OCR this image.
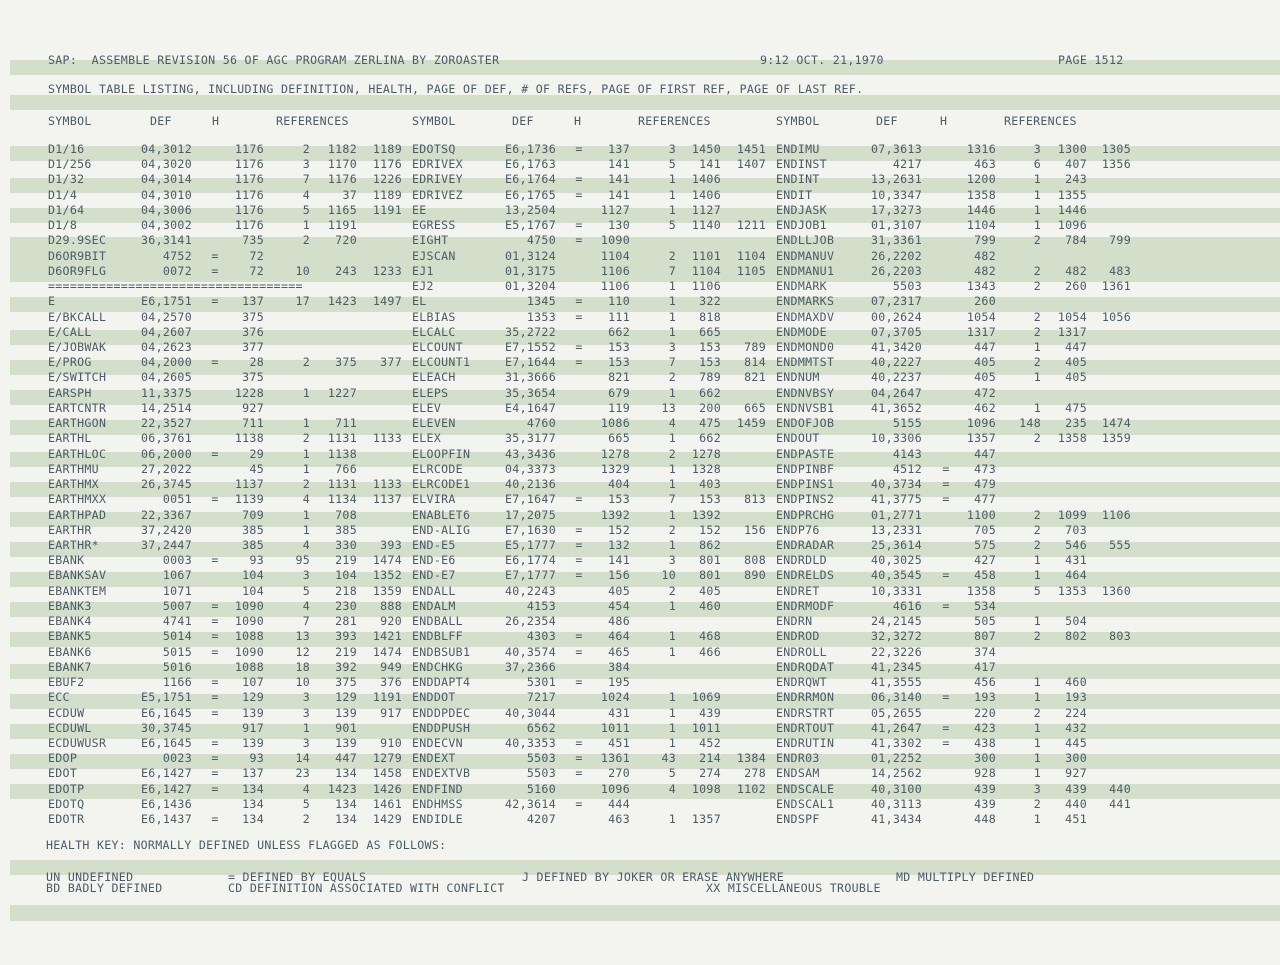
SAP:  ASSEMBLE REVISION 56 OF AGC PROGRAM ZERLINA BY ZOROASTER	9:12 OCT. 21,1970	PAGE 1512
SYMBOL TABLE LISTING, INCLUDING DEFINITION, HEALTH, PAGE OF DEF, # OF REFS, PAGE OF FIRST REF, PAGE OF LAST REF.
SYMBOL	DEF	H	REFERENCES	SYMBOL	DEF	H	REFERENCES	SYMBOL	DEF	H	REFERENCES
D1/16	04,3012	1176	2	1182	1189 EDOTSQ	E6,1736 =	137	3	1450	1451 ENDIMU	07,3613	1316	3	1300	1305
D1/256	04,3020	1176	3	1170	1176 EDRIVEX	E6,1763	141	5	141	1407 ENDINST	4217	463	6	407	1356
D1/32	04,3014	1176	7	1176	1226 EDRIVEY	E6,1764 =	141	1	1406	ENDINT	13,2631	1200	1	243
D1/4	04,3010	1176	4	37	1189 EDRIVEZ	E6,1765 =	141	1	1406	ENDIT	10,3347	1358	1	1355
D1/64	04,3006	1176	5	1165	1191 EE	13,2504	1127	1	1127	ENDJASK	17,3273	1446	1	1446
D1/8	04,3002	1176	1	1191	EGRESS	E5,1767 =	130	5	1140	1211 ENDJOB1	01,3107	1104	1	1096
D29.9SEC	36,3141	735	2	720	EIGHT	4750 =	1090	ENDLLJOB	31,3361	799	2	784	799
D6OR9BIT	4752 =	72	EJSCAN	01,3124	1104	2	1101	1104 ENDMANUV	26,2202	482
D6OR9FLG	0072 =	72	10	243	1233 EJ1	01,3175	1106	7	1104	1105 ENDMANU1	26,2203	482	2	482	483
===================================	EJ2	01,3204	1106	1	1106	ENDMARK	5503	1343	2	260	1361
E	E6,1751 =	137	17	1423	1497 EL	1345 =	110	1	322	ENDMARKS	07,2317	260
E/BKCALL	04,2570	375	ELBIAS	1353 =	111	1	818	ENDMAXDV	00,2624	1054	2	1054	1056
E/CALL	04,2607	376	ELCALC	35,2722	662	1	665	ENDMODE	07,3705	1317	2	1317
E/JOBWAK	04,2623	377	ELCOUNT	E7,1552 =	153	3	153	789 ENDMOND0	41,3420	447	1	447
E/PROG	04,2000 =	28	2	375	377 ELCOUNT1	E7,1644 =	153	7	153	814 ENDMMTST	40,2227	405	2	405
E/SWITCH	04,2605	375	ELEACH	31,3666	821	2	789	821 ENDNUM	40,2237	405	1	405
EARSPH	11,3375	1228	1	1227	ELEPS	35,3654	679	1	662	ENDNVBSY	04,2647	472
EARTCNTR	14,2514	927	ELEV	E4,1647	119	13	200	665 ENDNVSB1	41,3652	462	1	475
EARTHGON	22,3527	711	1	711	ELEVEN	4760	1086	4	475	1459 ENDOFJOB	5155	1096	148	235	1474
EARTHL	06,3761	1138	2	1131	1133 ELEX	35,3177	665	1	662	ENDOUT	10,3306	1357	2	1358	1359
EARTHLOC	06,2000 =	29	1	1138	ELOOPFIN	43,3436	1278	2	1278	ENDPASTE	4143	447
EARTHMU	27,2022	45	1	766	ELRCODE	04,3373	1329	1	1328	ENDPINBF	4512 =	473
EARTHMX	26,3745	1137	2	1131	1133 ELRCODE1	40,2136	404	1	403	ENDPINS1	40,3734 =	479
EARTHMXX	0051 =	1139	4	1134	1137 ELVIRA	E7,1647 =	153	7	153	813 ENDPINS2	41,3775 =	477
EARTHPAD	22,3367	709	1	708	ENABLET6	17,2075	1392	1	1392	ENDPRCHG	01,2771	1100	2	1099	1106
EARTHR	37,2420	385	1	385	END-ALIG	E7,1630 =	152	2	152	156 ENDP76	13,2331	705	2	703
EARTHR*	37,2447	385	4	330	393 END-E5	E5,1777 =	132	1	862	ENDRADAR	25,3614	575	2	546	555
EBANK	0003 =	93	95	219	1474 END-E6	E6,1774 =	141	3	801	808 ENDRDLD	40,3025	427	1	431
EBANKSAV	1067	104	3	104	1352 END-E7	E7,1777 =	156	10	801	890 ENDRELDS	40,3545 =	458	1	464
EBANKTEM	1071	104	5	218	1359 ENDALL	40,2243	405	2	405	ENDRET	10,3331	1358	5	1353	1360
EBANK3	5007 =	1090	4	230	888 ENDALM	4153	454	1	460	ENDRMODF	4616 =	534
EBANK4	4741 =	1090	7	281	920 ENDBALL	26,2354	486	ENDRN	24,2145	505	1	504
EBANK5	5014 =	1088	13	393	1421 ENDBLFF	4303 =	464	1	468	ENDROD	32,3272	807	2	802	803
EBANK6	5015 =	1090	12	219	1474 ENDBSUB1	40,3574 =	465	1	466	ENDROLL	22,3226	374
EBANK7	5016	1088	18	392	949 ENDCHKG	37,2366	384	ENDRQDAT	41,2345	417
EBUF2	1166 =	107	10	375	376 ENDDAPT4	5301 =	195	ENDRQWT	41,3555	456	1	460
ECC	E5,1751 =	129	3	129	1191 ENDDOT	7217	1024	1	1069	ENDRRMON	06,3140 =	193	1	193
ECDUW	E6,1645 =	139	3	139	917 ENDDPDEC	40,3044	431	1	439	ENDRSTRT	05,2655	220	2	224
ECDUWL	30,3745	917	1	901	ENDDPUSH	6562	1011	1	1011	ENDRTOUT	41,2647 =	423	1	432
ECDUWUSR	E6,1645 =	139	3	139	910 ENDECVN	40,3353 =	451	1	452	ENDRUTIN	41,3302 =	438	1	445
EDOP	0023 =	93	14	447	1279 ENDEXT	5503 =	1361	43	214	1384 ENDR03	01,2252	300	1	300
EDOT	E6,1427 =	137	23	134	1458 ENDEXTVB	5503 =	270	5	274	278 ENDSAM	14,2562	928	1	927
EDOTP	E6,1427 =	134	4	1423	1426 ENDFIND	5160	1096	4	1098	1102 ENDSCALE	40,3100	439	3	439	440
EDOTQ	E6,1436	134	5	134	1461 ENDHMSS	42,3614 =	444	ENDSCAL1	40,3113	439	2	440	441
EDOTR	E6,1437 =	134	2	134	1429 ENDIDLE	4207	463	1	1357	ENDSPF	41,3434	448	1	451
HEALTH KEY: NORMALLY DEFINED UNLESS FLAGGED AS FOLLOWS:
UN UNDEFINED	= DEFINED BY EQUALS	J DEFINED BY JOKER OR ERASE ANYWHERE	MD MULTIPLY DEFINED
BD BADLY DEFINED	CD DEFINITION ASSOCIATED WITH CONFLICT	XX MISCELLANEOUS TROUBLE
